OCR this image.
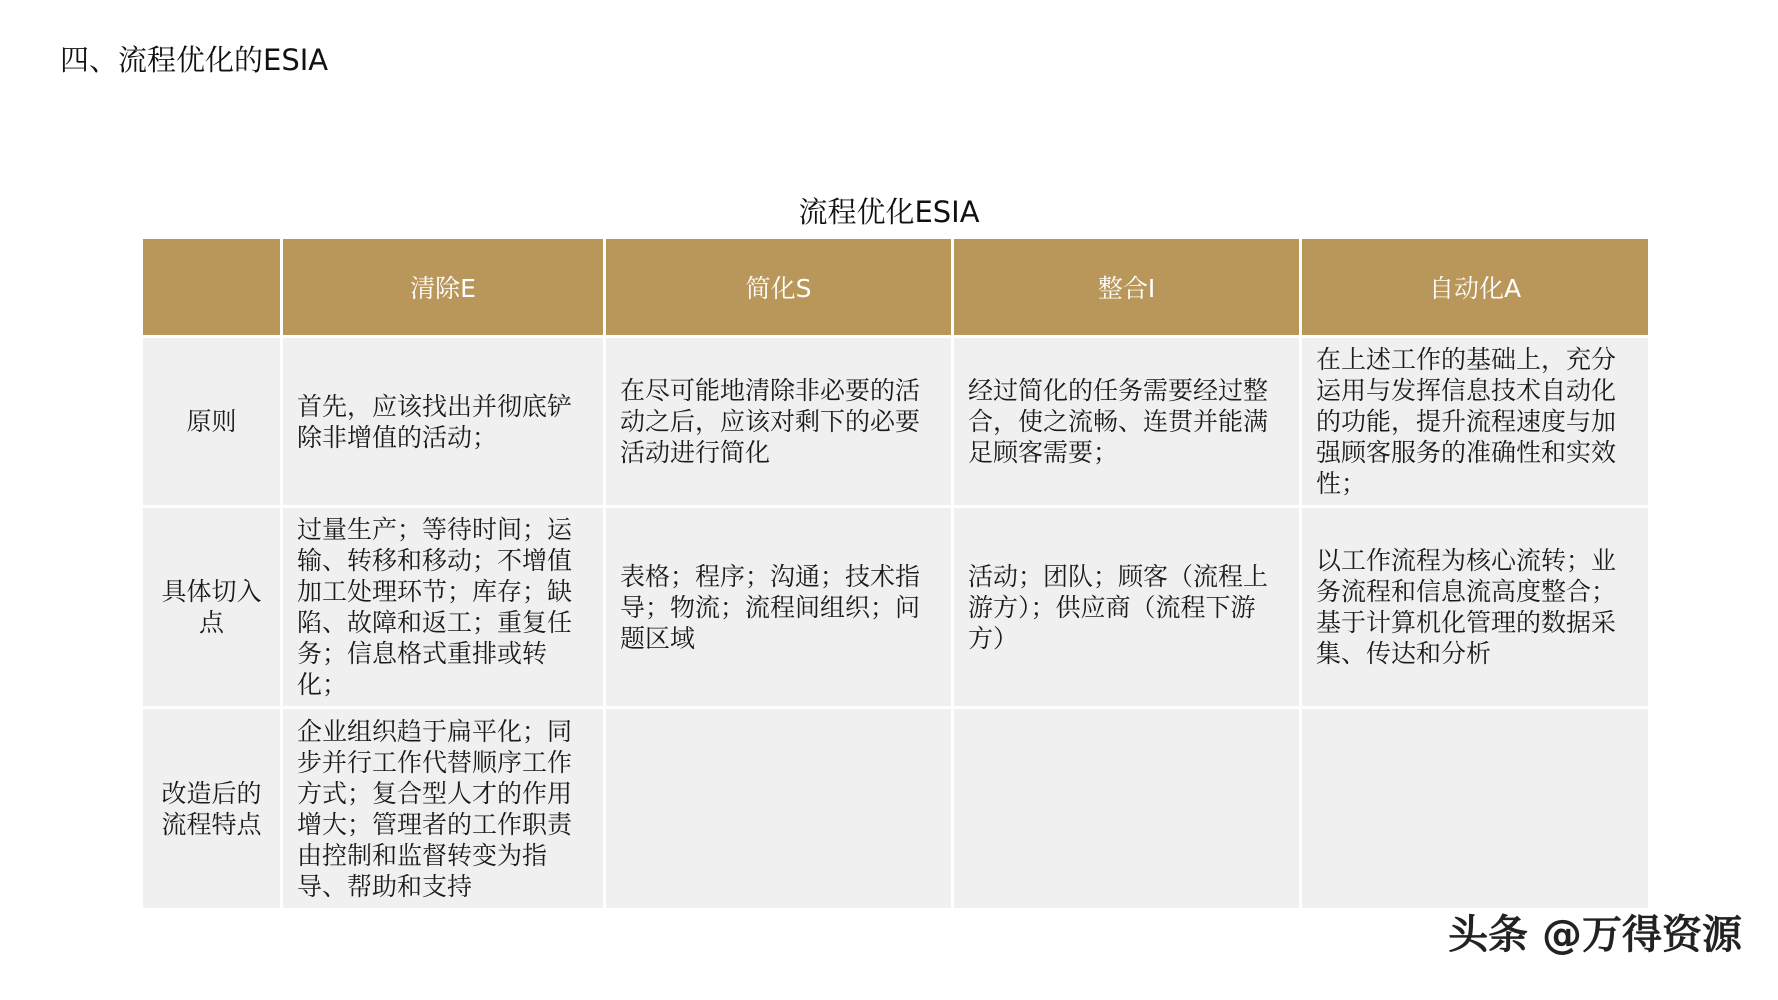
四、流程优化的ESIA
流程优化ESIA
	清除E	简化S	整合I	自动化A
原则	首先，应该找出并彻底铲除非增值的活动；	在尽可能地清除非必要的活动之后，应该对剩下的必要活动进行简化	经过简化的任务需要经过整合，使之流畅、连贯并能满足顾客需要；	在上述工作的基础上，充分运用与发挥信息技术自动化的功能，提升流程速度与加强顾客服务的准确性和实效性；
具体切入点	过量生产；等待时间；运输、转移和移动；不增值加工处理环节；库存；缺陷、故障和返工；重复任务；信息格式重排或转化；	表格；程序；沟通；技术指导；物流；流程间组织；问题区域	活动；团队；顾客（流程上游方）；供应商（流程下游方）	以工作流程为核心流转；业务流程和信息流高度整合；基于计算机化管理的数据采集、传达和分析
改造后的流程特点	企业组织趋于扁平化；同步并行工作代替顺序工作方式；复合型人才的作用增大；管理者的工作职责由控制和监督转变为指导、帮助和支持			
头条 @万得资源
